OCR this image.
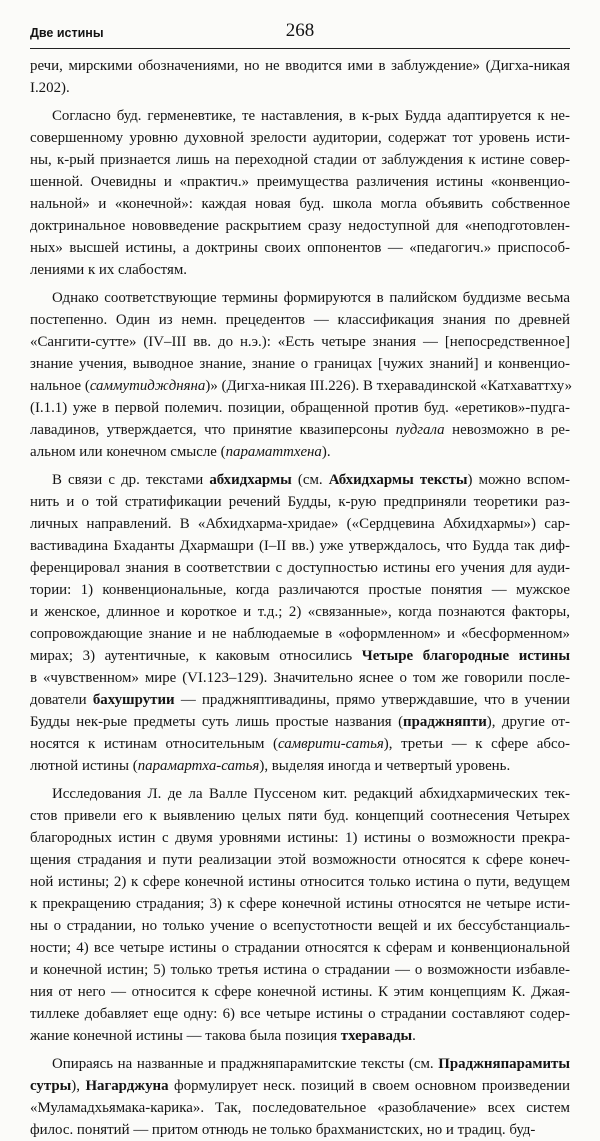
Две истины	268
речи, мирскими обозначениями, но не вводится ими в заблуждение» (Дигха-никая
I.202).
Согласно буд. герменевтике, те наставления, в к-рых Будда адаптируется к не-
совершенному уровню духовной зрелости аудитории, содержат тот уровень исти-
ны, к-рый признается лишь на переходной стадии от заблуждения к истине совер-
шенной. Очевидны и «практич.» преимущества различения истины «конвенцио-
нальной» и «конечной»: каждая новая буд. школа могла объявить собственное
доктринальное нововведение раскрытием сразу недоступной для «неподготовлен-
ных» высшей истины, а доктрины своих оппонентов — «педагогич.» приспособ-
лениями к их слабостям.
Однако соответствующие термины формируются в палийском буддизме весьма
постепенно. Один из немн. прецедентов — классификация знания по древней
«Сангити-сутте» (IV–III вв. до н.э.): «Есть четыре знания — [непосредственное]
знание учения, выводное знание, знание о границах [чужих знаний] и конвенцио-
нальное (саммутидждняна)» (Дигха-никая III.226). В тхеравадинской «Катхаваттху»
(I.1.1) уже в первой полемич. позиции, обращенной против буд. «еретиков»-пудга-
лавадинов, утверждается, что принятие квазиперсоны пудгала невозможно в ре-
альном или конечном смысле (параматтхена).
В связи с др. текстами абхидхармы (см. Абхидхармы тексты) можно вспом-
нить и о той стратификации речений Будды, к-рую предприняли теоретики раз-
личных направлений. В «Абхидхарма-хридае» («Сердцевина Абхидхармы») сар-
вастивадина Бхаданты Дхармашри (I–II вв.) уже утверждалось, что Будда так диф-
ференцировал знания в соответствии с доступностью истины его учения для ауди-
тории: 1) конвенциональные, когда различаются простые понятия — мужское
и женское, длинное и короткое и т.д.; 2) «связанные», когда познаются факторы,
сопровождающие знание и не наблюдаемые в «оформленном» и «бесформенном»
мирах; 3) аутентичные, к каковым относились Четыре благородные истины
в «чувственном» мире (VI.123–129). Значительно яснее о том же говорили после-
дователи бахушрутии — праджняптивадины, прямо утверждавшие, что в учении
Будды нек-рые предметы суть лишь простые названия (праджняпти), другие от-
носятся к истинам относительным (самврити-сатья), третьи — к сфере абсо-
лютной истины (парамартха-сатья), выделяя иногда и четвертый уровень.
Исследования Л. де ла Валле Пуссеном кит. редакций абхидхармических тек-
стов привели его к выявлению целых пяти буд. концепций соотнесения Четырех
благородных истин с двумя уровнями истины: 1) истины о возможности прекра-
щения страдания и пути реализации этой возможности относятся к сфере конеч-
ной истины; 2) к сфере конечной истины относится только истина о пути, ведущем
к прекращению страдания; 3) к сфере конечной истины относятся не четыре исти-
ны о страдании, но только учение о всепустотности вещей и их бессубстанциаль-
ности; 4) все четыре истины о страдании относятся к сферам и конвенциональной
и конечной истин; 5) только третья истина о страдании — о возможности избавле-
ния от него — относится к сфере конечной истины. К этим концепциям К. Джая-
тиллеке добавляет еще одну: 6) все четыре истины о страдании составляют содер-
жание конечной истины — такова была позиция тхеравады.
Опираясь на названные и праджняпарамитские тексты (см. Праджняпарамиты
сутры), Нагарджуна формулирует неск. позиций в своем основном произведении
«Муламадхьямака-карика». Так, последовательное «разоблачение» всех систем
филос. понятий — притом отнюдь не только брахманистских, но и традиц. буд-
